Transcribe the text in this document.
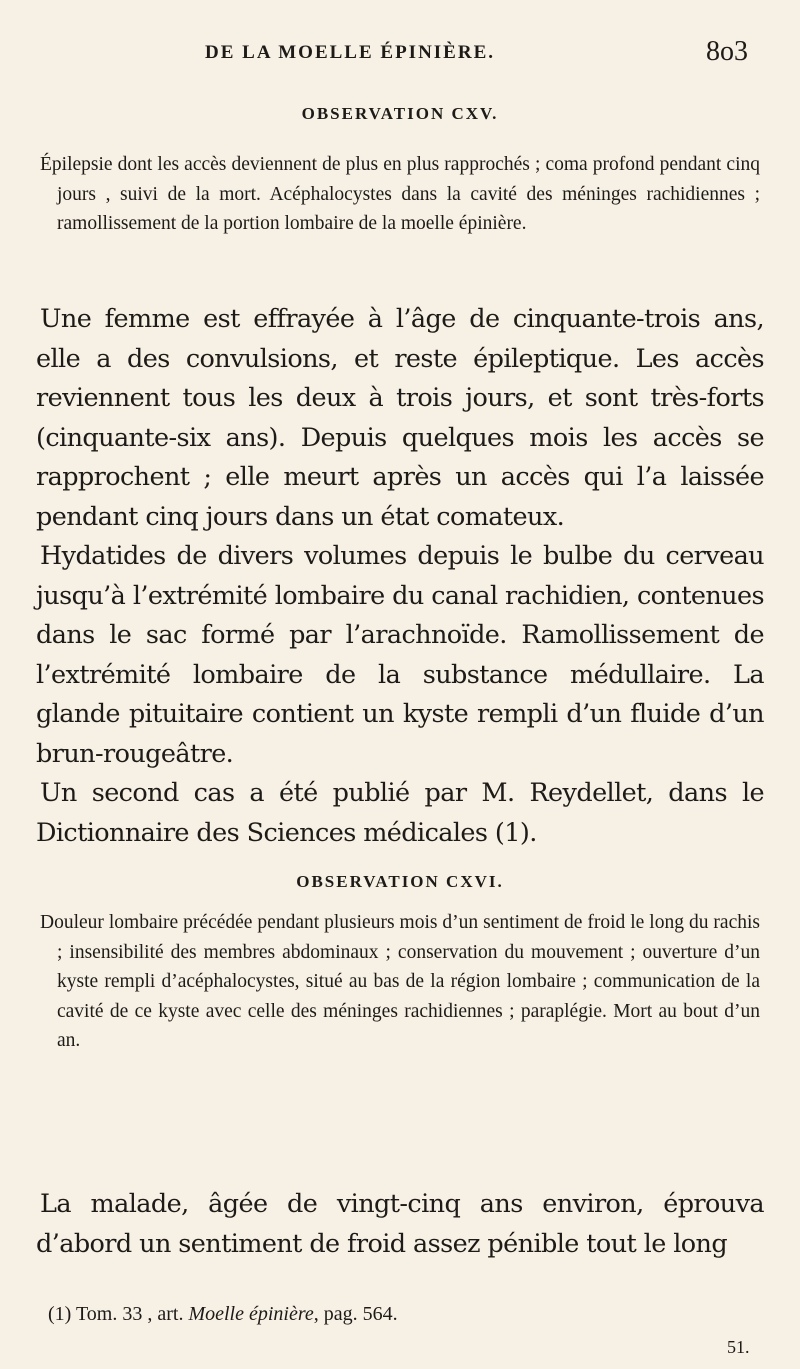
DE LA MOELLE ÉPINIÈRE.	8o3
OBSERVATION CXV.

Épilepsie dont les accès deviennent de plus en plus rapprochés ; coma profond pendant cinq jours , suivi de la mort. Acéphalocystes dans la cavité des méninges rachidiennes ; ramollissement de la portion lombaire de la moelle épinière.

Une femme est effrayée à l’âge de cinquante-trois ans, elle a des convulsions, et reste épileptique. Les accès reviennent tous les deux à trois jours, et sont très-forts (cinquante-six ans). Depuis quelques mois les accès se rapprochent ; elle meurt après un accès qui l’a laissée pendant cinq jours dans un état comateux.

Hydatides de divers volumes depuis le bulbe du cerveau jusqu’à l’extrémité lombaire du canal rachidien, contenues dans le sac formé par l’arachnoïde. Ramollissement de l’extrémité lombaire de la substance médullaire. La glande pituitaire contient un kyste rempli d’un fluide d’un brun-rougeâtre.

Un second cas a été publié par M. Reydellet, dans le Dictionnaire des Sciences médicales (1).

OBSERVATION CXVI.

Douleur lombaire précédée pendant plusieurs mois d’un sentiment de froid le long du rachis ; insensibilité des membres abdominaux ; conservation du mouvement ; ouverture d’un kyste rempli d’acéphalocystes, situé au bas de la région lombaire ; communication de la cavité de ce kyste avec celle des méninges rachidiennes ; paraplégie. Mort au bout d’un an.

La malade, âgée de vingt-cinq ans environ, éprouva d’abord un sentiment de froid assez pénible tout le long

(1) Tom. 33 , art. Moelle épinière, pag. 564.
51.
